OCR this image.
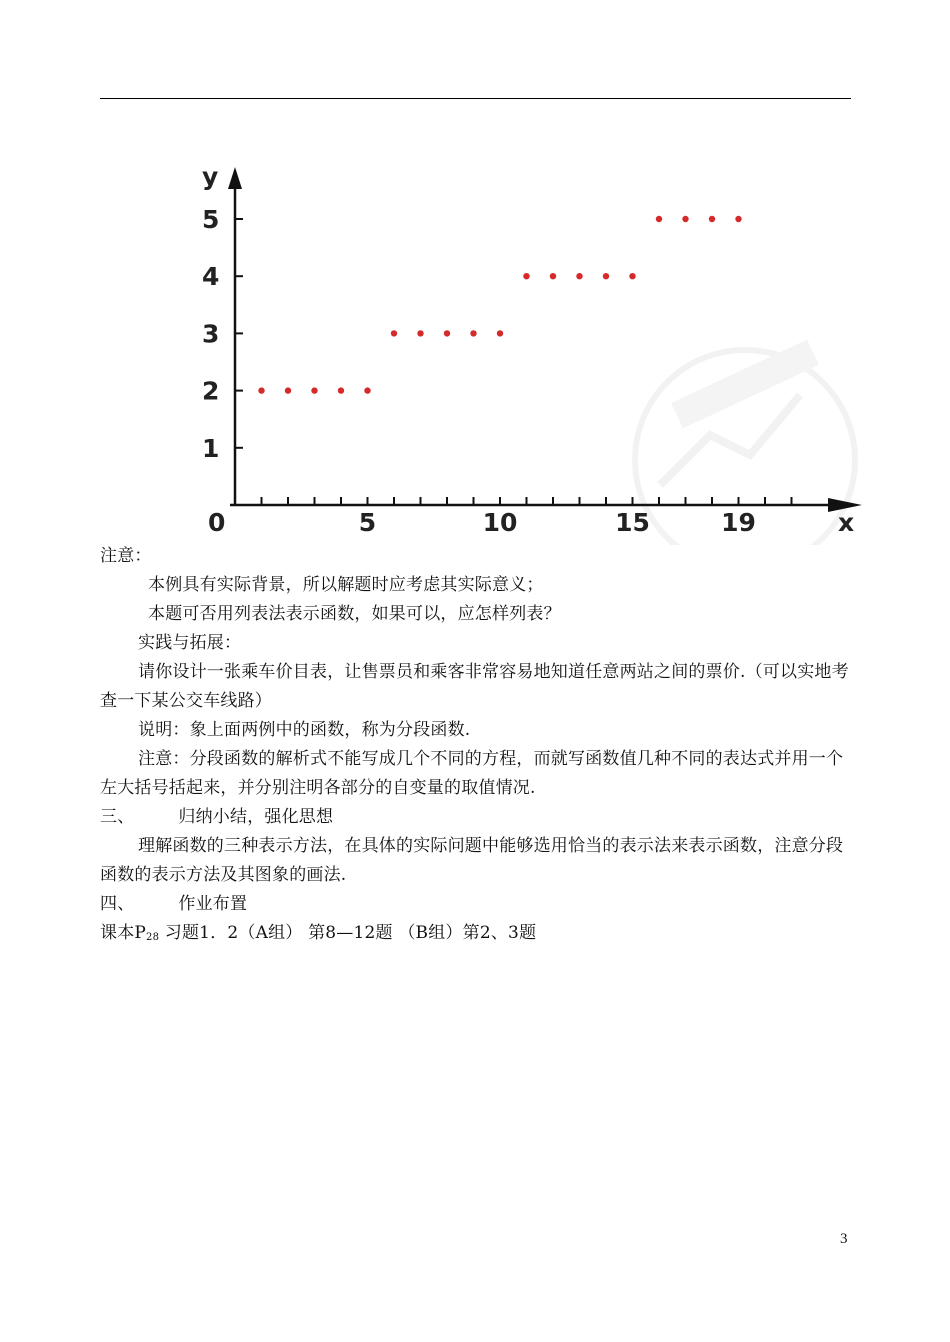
y
x
0
1
2
3
4
5
5	10	15	19

注意：

本例具有实际背景，所以解题时应考虑其实际意义；

本题可否用列表法表示函数，如果可以，应怎样列表？

实践与拓展：

请你设计一张乘车价目表，让售票员和乘客非常容易地知道任意两站之间的票价.（可以实地考查一下某公交车线路）

说明：象上面两例中的函数，称为分段函数.

注意：分段函数的解析式不能写成几个不同的方程，而就写函数值几种不同的表达式并用一个左大括号括起来，并分别注明各部分的自变量的取值情况.

三、	归纳小结，强化思想

理解函数的三种表示方法，在具体的实际问题中能够选用恰当的表示法来表示函数，注意分段函数的表示方法及其图象的画法.

四、	作业布置

课本$P_{28}$ 习题1．2（A组） 第8—12题 （B组）第2、3题

3
